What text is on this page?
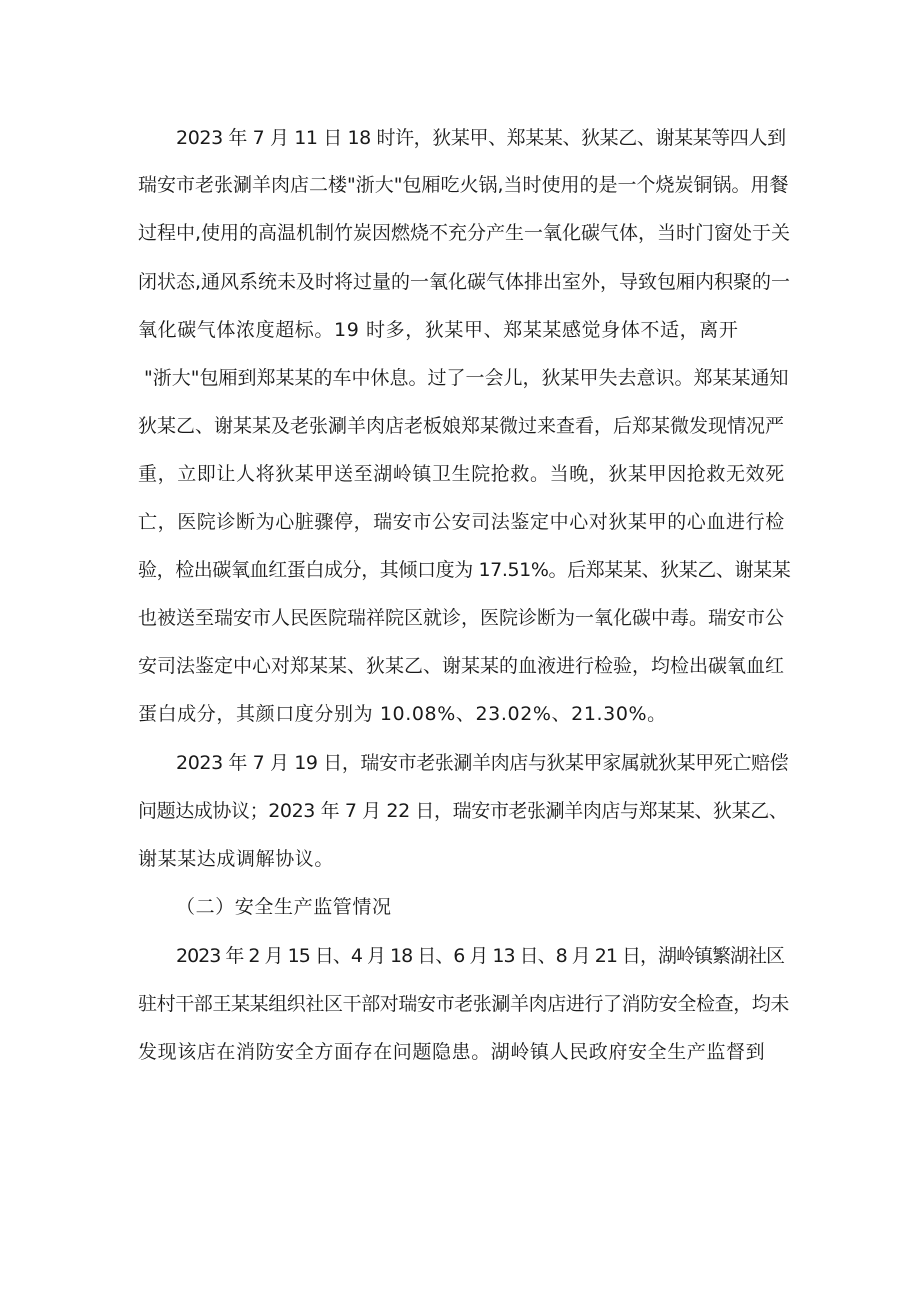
2023 年 7 月 11 日 18 时许，狄某甲、郑某某、狄某乙、谢某某等四人到
瑞安市老张涮羊肉店二楼"浙大"包厢吃火锅,当时使用的是一个烧炭铜锅。用餐
过程中,使用的高温机制竹炭因燃烧不充分产生一氧化碳气体，当时门窗处于关
闭状态,通风系统未及时将过量的一氧化碳气体排出室外，导致包厢内积聚的一
氧化碳气体浓度超标。19 时多，狄某甲、郑某某感觉身体不适，离开
"浙大"包厢到郑某某的车中休息。过了一会儿，狄某甲失去意识。郑某某通知
狄某乙、谢某某及老张涮羊肉店老板娘郑某微过来查看，后郑某微发现情况严
重，立即让人将狄某甲送至湖岭镇卫生院抢救。当晚，狄某甲因抢救无效死
亡，医院诊断为心脏骤停，瑞安市公安司法鉴定中心对狄某甲的心血进行检
验，检出碳氧血红蛋白成分，其倾口度为 17.51%。后郑某某、狄某乙、谢某某
也被送至瑞安市人民医院瑞祥院区就诊，医院诊断为一氧化碳中毒。瑞安市公
安司法鉴定中心对郑某某、狄某乙、谢某某的血液进行检验，均检出碳氧血红
蛋白成分，其颜口度分别为 10.08%、23.02%、21.30%。
2023 年 7 月 19 日，瑞安市老张涮羊肉店与狄某甲家属就狄某甲死亡赔偿
问题达成协议；2023 年 7 月 22 日，瑞安市老张涮羊肉店与郑某某、狄某乙、
谢某某达成调解协议。
（二）安全生产监管情况
2023 年 2 月 15 日、4 月 18 日、6 月 13 日、8 月 21 日，湖岭镇繁湖社区
驻村干部王某某组织社区干部对瑞安市老张涮羊肉店进行了消防安全检查，均未
发现该店在消防安全方面存在问题隐患。湖岭镇人民政府安全生产监督到
